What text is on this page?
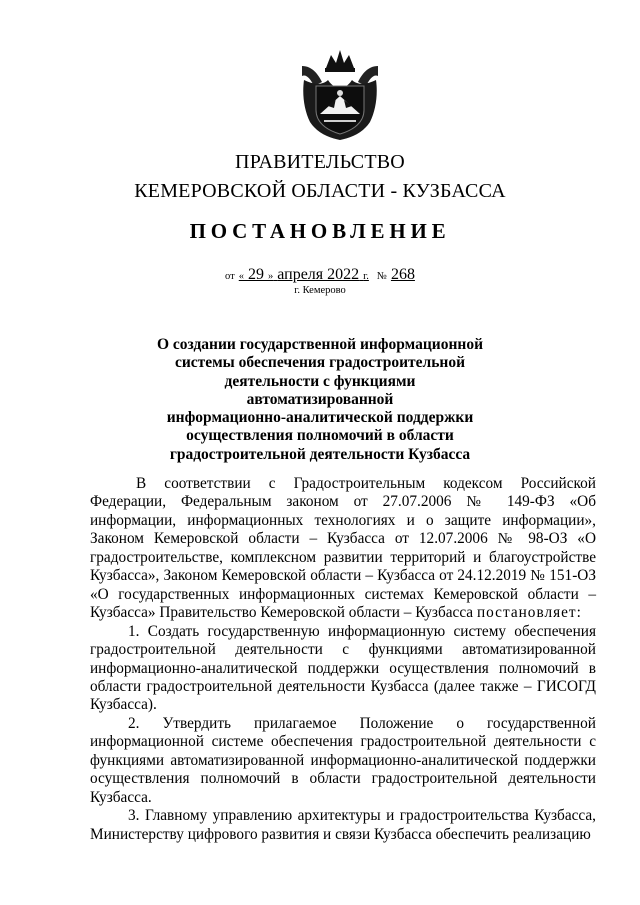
ПРАВИТЕЛЬСТВО
КЕМЕРОВСКОЙ ОБЛАСТИ - КУЗБАССА
ПОСТАНОВЛЕНИЕ
от « 29 » апреля 2022 г. № 268
г. Кемерово
О создании государственной информационной
системы обеспечения градостроительной
деятельности с функциями автоматизированной
информационно-аналитической поддержки
осуществления полномочий в области
градостроительной деятельности Кузбасса

В соответствии с Градостроительным кодексом Российской Федерации, Федеральным законом от 27.07.2006 № 149-ФЗ «Об информации, информационных технологиях и о защите информации», Законом Кемеровской области – Кузбасса от 12.07.2006 № 98-ОЗ «О градостроительстве, комплексном развитии территорий и благоустройстве Кузбасса», Законом Кемеровской области – Кузбасса от 24.12.2019 № 151-ОЗ «О государственных информационных системах Кемеровской области – Кузбасса» Правительство Кемеровской области – Кузбасса постановляет:

1. Создать государственную информационную систему обеспечения градостроительной деятельности с функциями автоматизированной информационно-аналитической поддержки осуществления полномочий в области градостроительной деятельности Кузбасса (далее также – ГИСОГД Кузбасса).

2. Утвердить прилагаемое Положение о государственной информационной системе обеспечения градостроительной деятельности с функциями автоматизированной информационно-аналитической поддержки осуществления полномочий в области градостроительной деятельности Кузбасса.

3. Главному управлению архитектуры и градостроительства Кузбасса, Министерству цифрового развития и связи Кузбасса обеспечить реализацию
